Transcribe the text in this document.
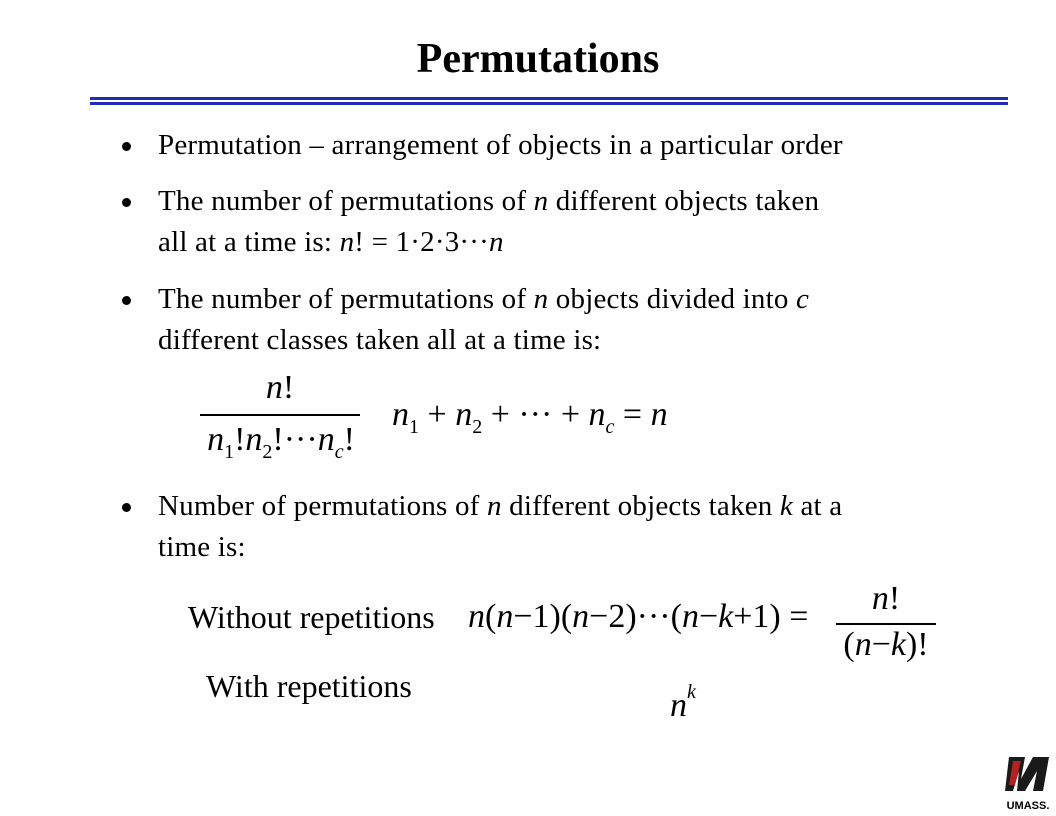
Permutations

Permutation – arrangement of objects in a particular order

The number of permutations of n different objects taken
all at a time is: n! = 1·2·3···n

The number of permutations of n objects divided into c
different classes taken all at a time is:

n!
$n_1!n_2!\cdot\cdot\cdot n_c$!
$n_1 + n_2$ + ··· + $n_c = n$

Number of permutations of n different objects taken k at a
time is:

Without repetitions n(n−1)(n−2)···(n−k+1) =	n!
(n−k)!
With repetitions
$n^k$
UMASS.
